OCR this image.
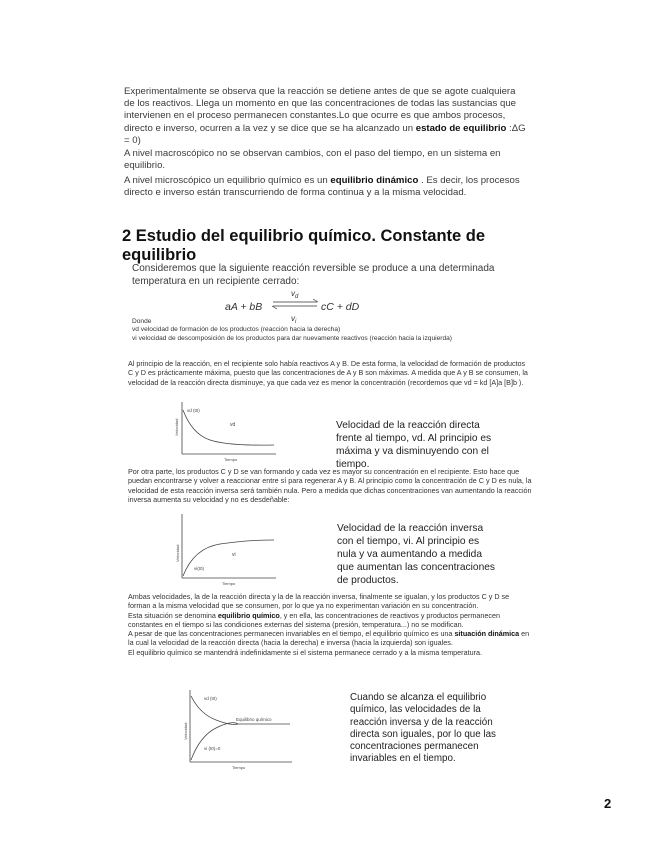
Experimentalmente se observa que la reacción se detiene antes de que se agote cualquiera de los reactivos. Llega un momento en que las concentraciones de todas las sustancias que intervienen en el proceso permanecen constantes.Lo que ocurre es que ambos procesos, directo e inverso, ocurren a la vez y se dice que se ha alcanzado un estado de equilibrio :ΔG = 0)
A nivel macroscópico no se observan cambios, con el paso del tiempo, en un sistema en equilibrio.
A nivel microscópico un equilibrio químico es un equilibrio dinámico . Es decir, los procesos directo e inverso están transcurriendo de forma continua y a la misma velocidad.
2 Estudio del equilibrio químico. Constante de equilibrio
Consideremos que la siguiente reacción reversible se produce a una determinada temperatura en un recipiente cerrado:
aA + bB
$v_d$
$v_i$
cC + dD
Donde
vd velocidad de formación de los productos (reacción hacia la derecha)
vi velocidad de descomposición de los productos para dar nuevamente reactivos (reacción hacia la izquierda)
Al principio de la reacción, en el recipiente solo había reactivos A y B. De esta forma, la velocidad de formación de productos C y D es prácticamente máxima, puesto que las concentraciones de A y B son máximas. A medida que A y B se consumen, la velocidad de la reacción directa disminuye, ya que cada vez es menor la concentración (recordemos que vd = kd [A]a [B]b ).
vd (t0)
vd
Tiempo
Velocidad	Velocidad de la reacción directa frente al tiempo, vd. Al principio es máxima y va disminuyendo con el tiempo.
Por otra parte, los productos C y D se van formando y cada vez es mayor su concentración en el recipiente. Esto hace que puedan encontrarse y volver a reaccionar entre sí para regenerar A y B. Al principio como la concentración de C y D es nula, la velocidad de esta reacción inversa será también nula. Pero a medida que dichas concentraciones van aumentando la reacción inversa aumenta su velocidad y no es desdeñable:
vi
vi(t0)
Tiempo
Velocidad
Velocidad de la reacción inversa con el tiempo, vi. Al principio es nula y va aumentando a medida que aumentan las concentraciones de productos.
Ambas velocidades, la de la reacción directa y la de la reacción inversa, finalmente se igualan, y los productos C y D se forman a la misma velocidad que se consumen, por lo que ya no experimentan variación en su concentración.
Esta situación se denomina equilibrio químico, y en ella, las concentraciones de reactivos y productos permanecen constantes en el tiempo si las condiciones externas del sistema (presión, temperatura...) no se modifican.
A pesar de que las concentraciones permanecen invariables en el tiempo, el equilibrio químico es una situación dinámica en la cual la velocidad de la reacción directa (hacia la derecha) e inversa (hacia la izquierda) son iguales.
El equilibrio químico se mantendrá indefinidamente si el sistema permanece cerrado y a la misma temperatura.
vd (t0)
Equilibrio químico
vi (t0)=0
Tiempo
Velocidad
Cuando se alcanza el equilibrio químico, las velocidades de la reacción inversa y de la reacción directa son iguales, por lo que las concentraciones permanecen invariables en el tiempo.
2
